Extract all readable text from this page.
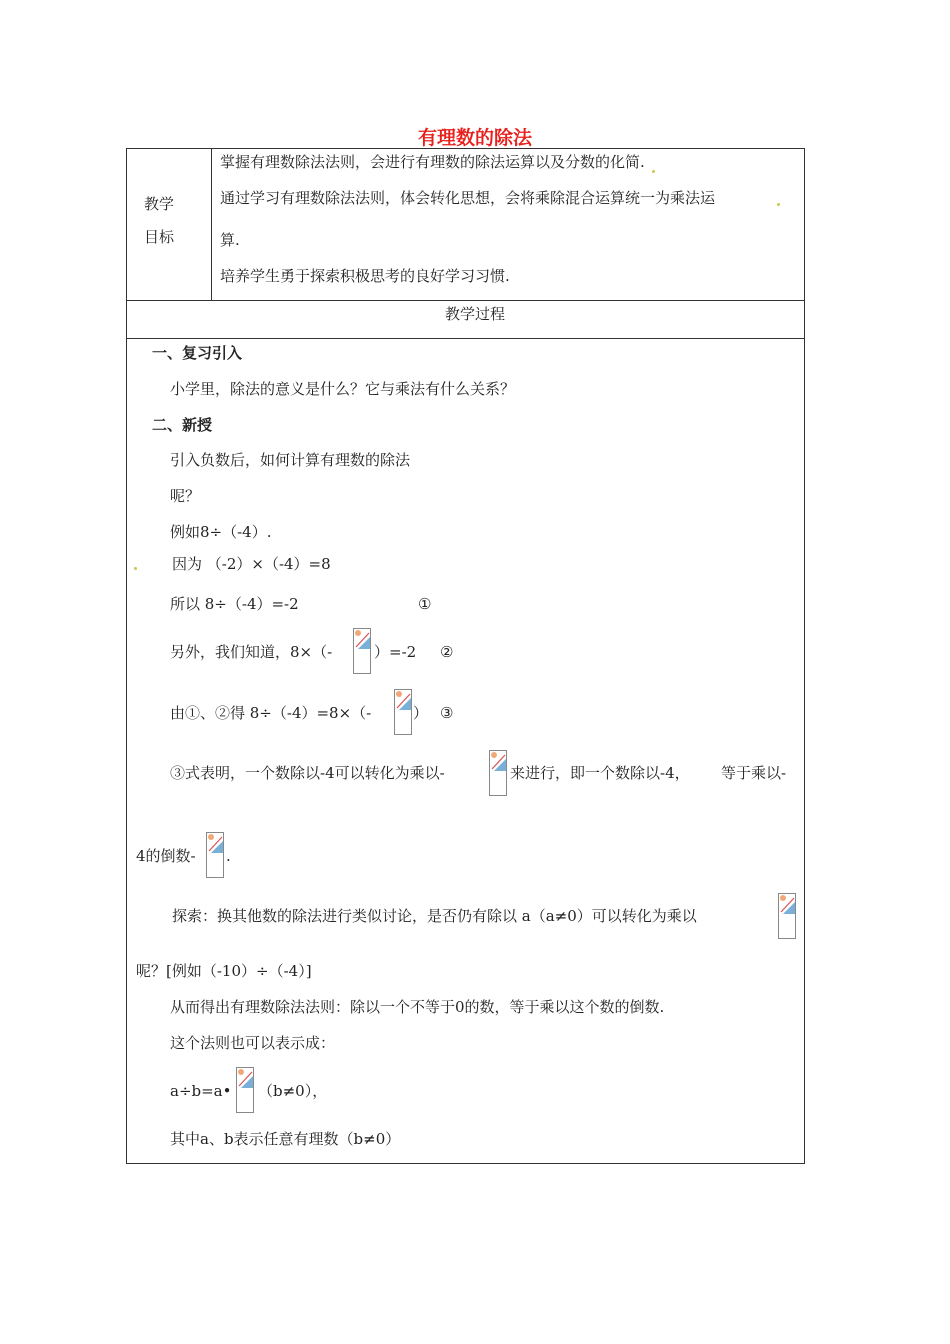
有理数的除法
教学
目标
掌握有理数除法法则，会进行有理数的除法运算以及分数的化简.
通过学习有理数除法法则，体会转化思想，会将乘除混合运算统一为乘法运
算.
培养学生勇于探索积极思考的良好学习习惯.
教学过程
一、复习引入
小学里，除法的意义是什么？它与乘法有什么关系？
二、新授
引入负数后，如何计算有理数的除法
呢？
例如8÷（-4）.
因为 （-2）×（-4）=8
所以 8÷（-4）=-2	①
另外，我们知道，8×（-	）=-2 ②
由①、②得 8÷（-4）=8×（-	） ③
③式表明，一个数除以-4可以转化为乘以-	来进行，即一个数除以-4， 等于乘以-
4的倒数- .
探索：换其他数的除法进行类似讨论，是否仍有除以 a（a≠0）可以转化为乘以
呢？[例如（-10）÷（-4）]
从而得出有理数除法法则：除以一个不等于0的数，等于乘以这个数的倒数.
这个法则也可以表示成：
a÷b=a• （b≠0），
其中a、b表示任意有理数（b≠0）
